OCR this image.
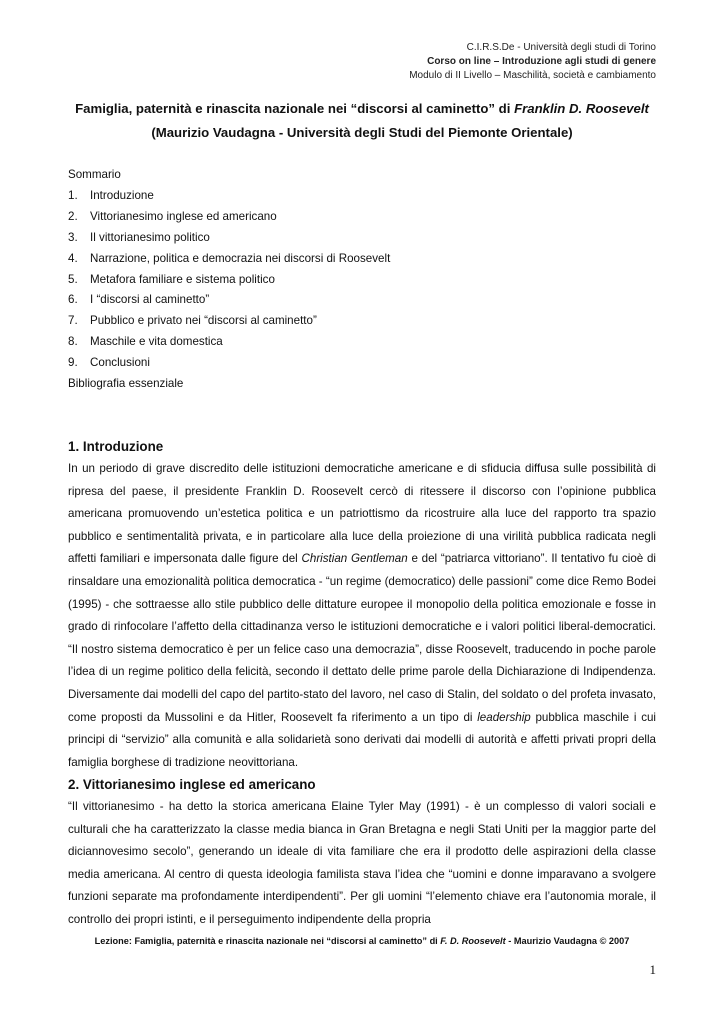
C.I.R.S.De - Università degli studi di Torino
Corso on line – Introduzione agli studi di genere
Modulo di II Livello – Maschilità, società e cambiamento
Famiglia, paternità e rinascita nazionale nei “discorsi al caminetto” di Franklin D. Roosevelt
(Maurizio Vaudagna - Università degli Studi del Piemonte Orientale)
Sommario
1. Introduzione
2. Vittorianesimo inglese ed americano
3. Il vittorianesimo politico
4. Narrazione, politica e democrazia nei discorsi di Roosevelt
5. Metafora familiare e sistema politico
6. I “discorsi al caminetto”
7. Pubblico e privato nei “discorsi al caminetto”
8. Maschile e vita domestica
9. Conclusioni
Bibliografia essenziale
1. Introduzione

In un periodo di grave discredito delle istituzioni democratiche americane e di sfiducia diffusa sulle possibilità di ripresa del paese, il presidente Franklin D. Roosevelt cercò di ritessere il discorso con l’opinione pubblica americana promuovendo un’estetica politica e un patriottismo da ricostruire alla luce del rapporto tra spazio pubblico e sentimentalità privata, e in particolare alla luce della proiezione di una virilità pubblica radicata negli affetti familiari e impersonata dalle figure del Christian Gentleman e del “patriarca vittoriano”. Il tentativo fu cioè di rinsaldare una emozionalità politica democratica - “un regime (democratico) delle passioni” come dice Remo Bodei (1995) - che sottraesse allo stile pubblico delle dittature europee il monopolio della politica emozionale e fosse in grado di rinfocolare l’affetto della cittadinanza verso le istituzioni democratiche e i valori politici liberal-democratici. “Il nostro sistema democratico è per un felice caso una democrazia”, disse Roosevelt, traducendo in poche parole l’idea di un regime politico della felicità, secondo il dettato delle prime parole della Dichiarazione di Indipendenza. Diversamente dai modelli del capo del partito-stato del lavoro, nel caso di Stalin, del soldato o del profeta invasato, come proposti da Mussolini e da Hitler, Roosevelt fa riferimento a un tipo di leadership pubblica maschile i cui principi di “servizio” alla comunità e alla solidarietà sono derivati dai modelli di autorità e affetti privati propri della famiglia borghese di tradizione neovittoriana.

2. Vittorianesimo inglese ed americano

“Il vittorianesimo - ha detto la storica americana Elaine Tyler May (1991) - è un complesso di valori sociali e culturali che ha caratterizzato la classe media bianca in Gran Bretagna e negli Stati Uniti per la maggior parte del diciannovesimo secolo”, generando un ideale di vita familiare che era il prodotto delle aspirazioni della classe media americana. Al centro di questa ideologia familista stava l’idea che “uomini e donne imparavano a svolgere funzioni separate ma profondamente interdipendenti”. Per gli uomini “l’elemento chiave era l’autonomia morale, il controllo dei propri istinti, e il perseguimento indipendente della propria

Lezione: Famiglia, paternità e rinascita nazionale nei “discorsi al caminetto” di F. D. Roosevelt - Maurizio Vaudagna © 2007
1
